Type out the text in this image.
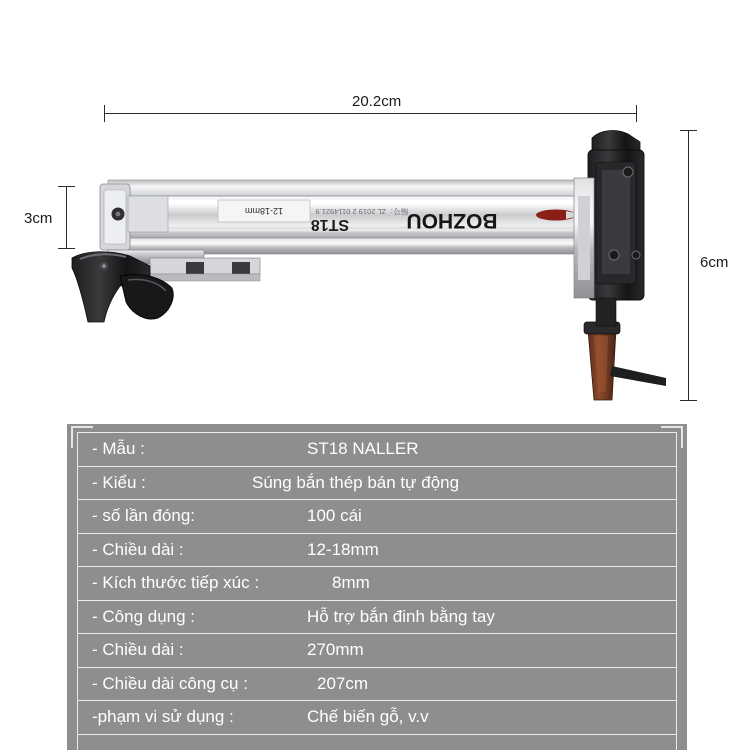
12-18mm	编号：ZL 2019 2 0114921.9
ST18	BOZHOU
20.2cm
3cm
6cm
- Mẫu :	ST18 NALLER
- Kiểu :	Súng bắn thép bán tự động
- số lần đóng:	100 cái
- Chiều dài :	12-18mm
- Kích thước tiếp xúc :	8mm
- Công dụng :	Hỗ trợ bắn đinh bằng tay
- Chiều dài :	270mm
- Chiều dài công cụ :	207cm
-phạm vi sử dụng :	Chế biến gỗ, v.v
